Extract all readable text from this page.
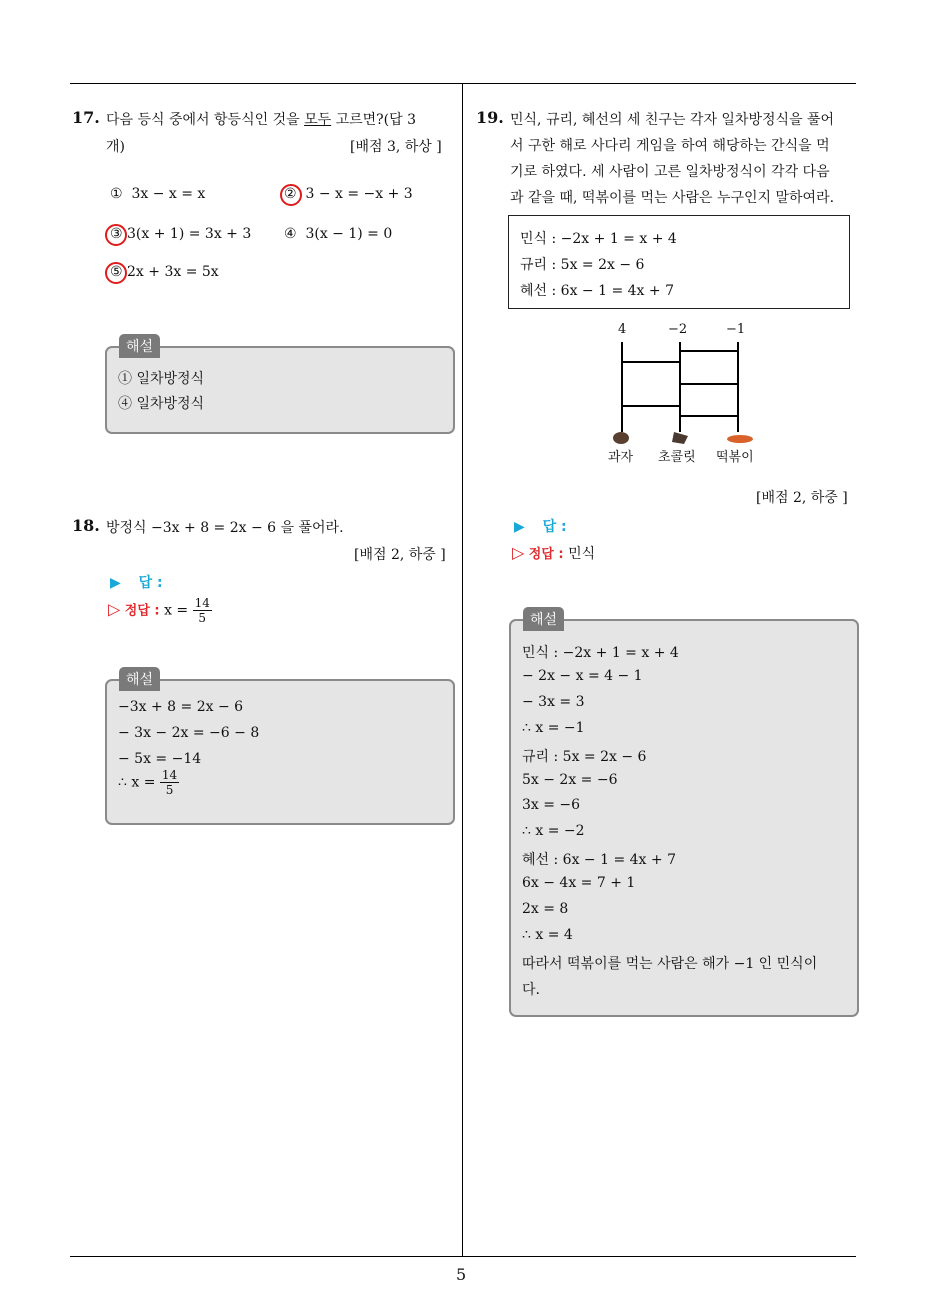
17. 다음 등식 중에서 항등식인 것을 모두 고르면?(답 3
개)	[배점 3, 하상 ]
① 3x − x = x	② 3 − x = −x + 3
③ 3(x + 1) = 3x + 3 ④ 3(x − 1) = 0
⑤ 2x + 3x = 5x
해설
① 일차방정식
④ 일차방정식
18. 방정식 −3x + 8 = 2x − 6 을 풀어라.
[배점 2, 하중 ]
▶ 답 :
▷ 정답 : $x = \frac{14}{5}$
해설
−3x + 8 = 2x − 6
− 3x − 2x = −6 − 8
− 5x = −14
∴ $x = \frac{14}{5}$
19. 민식, 규리, 혜선의 세 친구는 각자 일차방정식을 풀어
서 구한 해로 사다리 게임을 하여 해당하는 간식을 먹
기로 하였다. 세 사람이 고른 일차방정식이 각각 다음
과 같을 때, 떡볶이를 먹는 사람은 누구인지 말하여라.
민식 : −2x + 1 = x + 4
규리 : 5x = 2x − 6
혜선 : 6x − 1 = 4x + 7
4	−2	−1
과자 초콜릿 떡볶이
[배점 2, 하중 ]
▶ 답 :
▷ 정답 : 민식
해설
민식 : −2x + 1 = x + 4
− 2x − x = 4 − 1
− 3x = 3
∴ x = −1
규리 : 5x = 2x − 6
5x − 2x = −6
3x = −6
∴ x = −2
혜선 : 6x − 1 = 4x + 7
6x − 4x = 7 + 1
2x = 8
∴ x = 4
따라서 떡볶이를 먹는 사람은 해가 −1 인 민식이
다.
5
